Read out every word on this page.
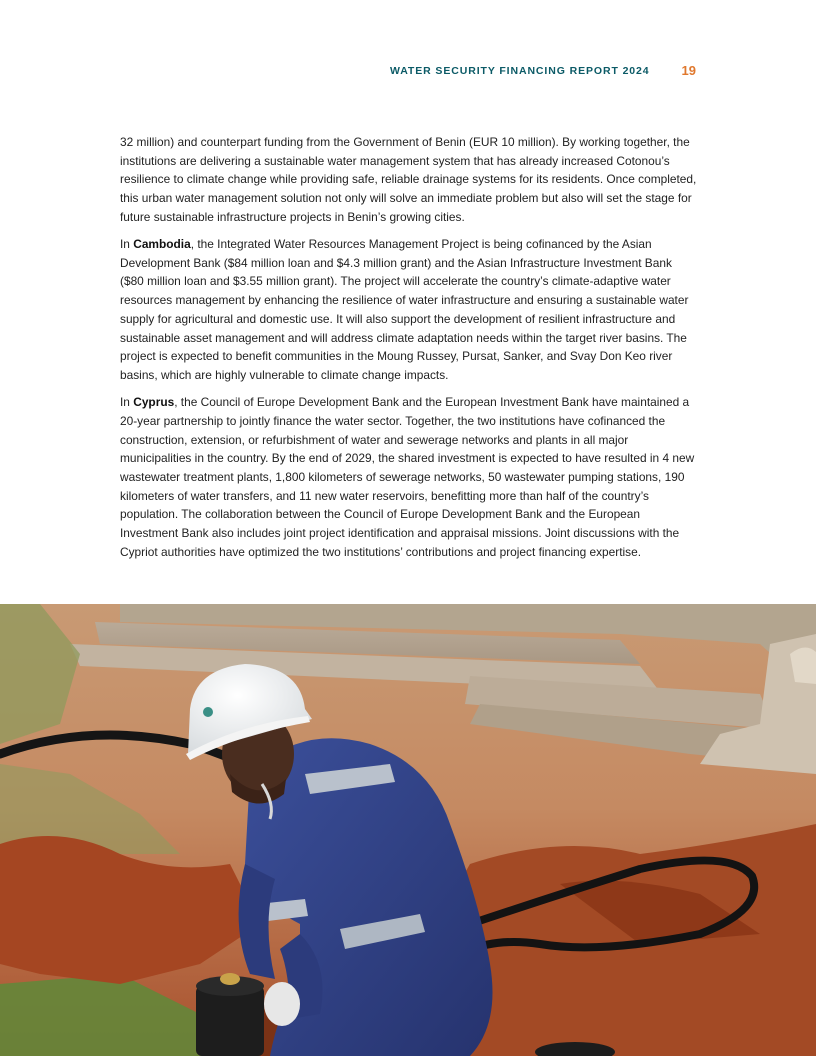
WATER SECURITY FINANCING REPORT 2024 19

32 million) and counterpart funding from the Government of Benin (EUR 10 million). By working together, the institutions are delivering a sustainable water management system that has already increased Cotonou’s resilience to climate change while providing safe, reliable drainage systems for its residents. Once completed, this urban water management solution not only will solve an immediate problem but also will set the stage for future sustainable infrastructure projects in Benin’s growing cities.

In Cambodia, the Integrated Water Resources Management Project is being cofinanced by the Asian Development Bank ($84 million loan and $4.3 million grant) and the Asian Infrastructure Investment Bank ($80 million loan and $3.55 million grant). The project will accelerate the country’s climate-adaptive water resources management by enhancing the resilience of water infrastructure and ensuring a sustainable water supply for agricultural and domestic use. It will also support the development of resilient infrastructure and sustainable asset management and will address climate adaptation needs within the target river basins. The project is expected to benefit communities in the Moung Russey, Pursat, Sanker, and Svay Don Keo river basins, which are highly vulnerable to climate change impacts.

In Cyprus, the Council of Europe Development Bank and the European Investment Bank have maintained a 20-year partnership to jointly finance the water sector. Together, the two institutions have cofinanced the construction, extension, or refurbishment of water and sewerage networks and plants in all major municipalities in the country. By the end of 2029, the shared investment is expected to have resulted in 4 new wastewater treatment plants, 1,800 kilometers of sewerage networks, 50 wastewater pumping stations, 190 kilometers of water transfers, and 11 new water reservoirs, benefitting more than half of the country’s population. The collaboration between the Council of Europe Development Bank and the European Investment Bank also includes joint project identification and appraisal missions. Joint discussions with the Cypriot authorities have optimized the two institutions’ contributions and project financing expertise.
